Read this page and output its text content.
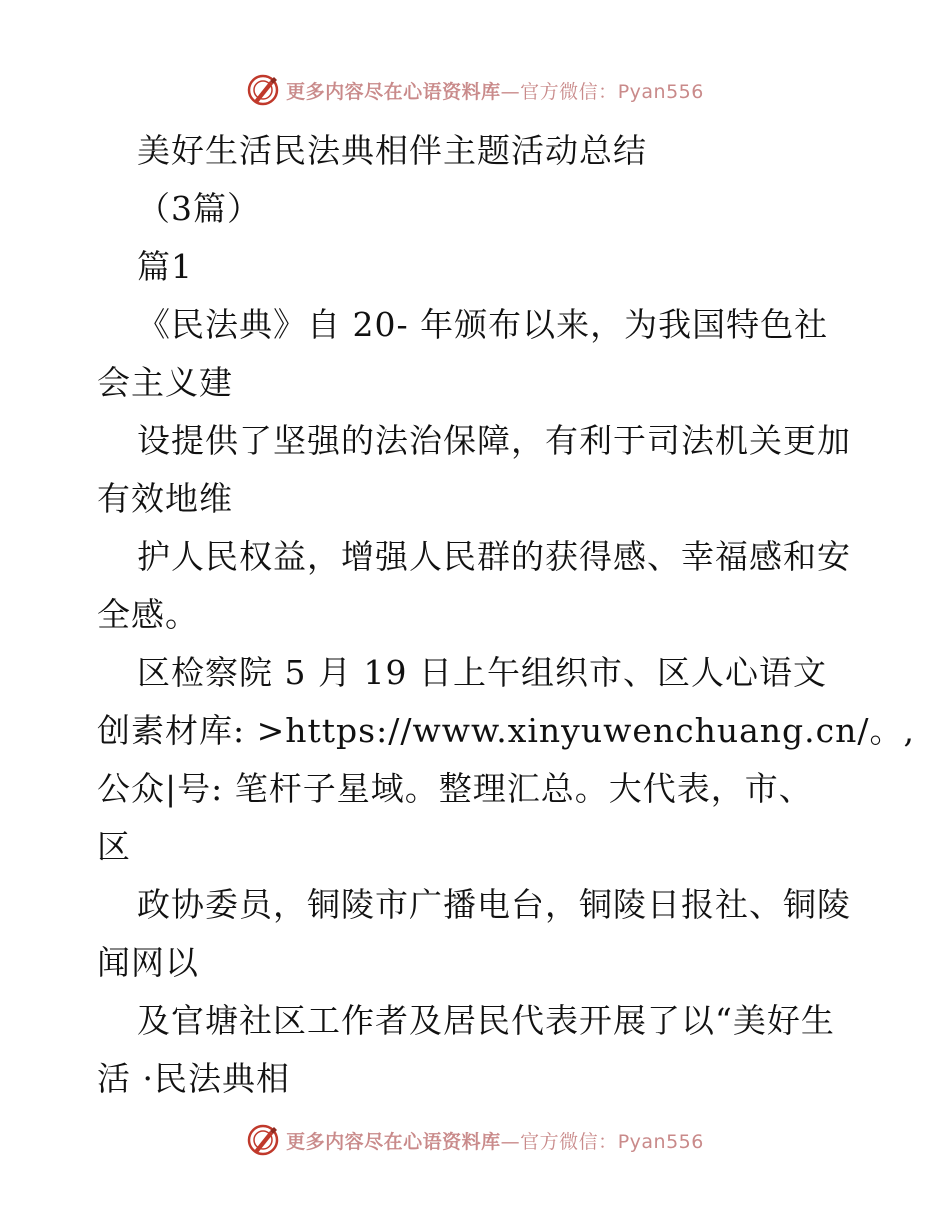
更多内容尽在心语资料库—官方微信：Pyan556
美好生活民法典相伴主题活动总结
（3篇）
篇1
《民法典》自 20- 年颁布以来，为我国特色社
会主义建
设提供了坚强的法治保障，有利于司法机关更加
有效地维
护人民权益，增强人民群的获得感、幸福感和安
全感。
区检察院 5 月 19 日上午组织市、区人心语文
创素材库: >https://www.xinyuwenchuang.cn/。,
公众|号: 笔杆子星域。整理汇总。大代表，市、
区
政协委员，铜陵市广播电台，铜陵日报社、铜陵
闻网以
及官塘社区工作者及居民代表开展了以“美好生
活 ·民法典相
更多内容尽在心语资料库—官方微信：Pyan556
